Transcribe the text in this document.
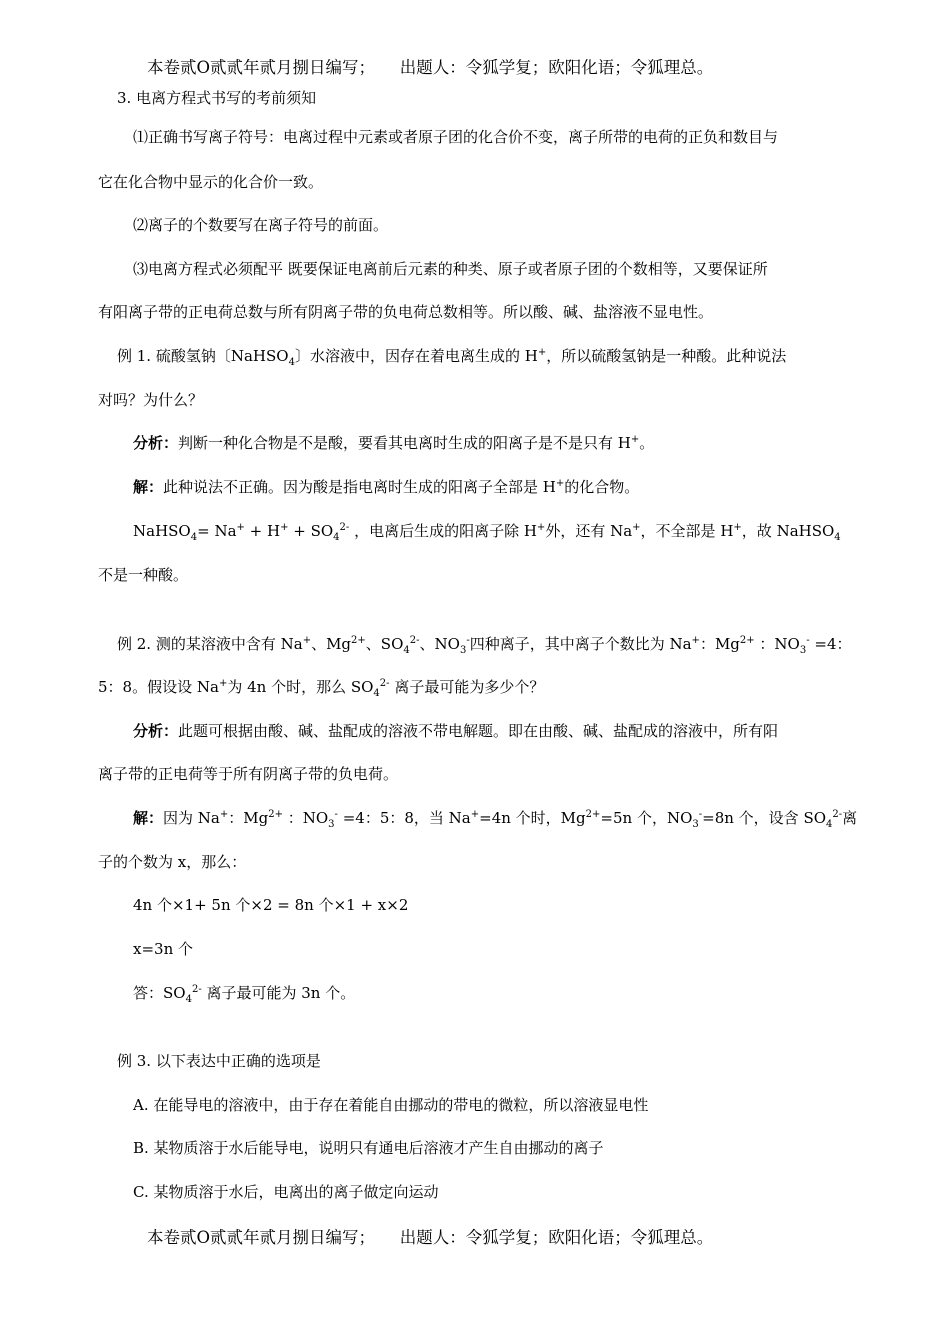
本卷贰O贰贰年贰月捌日编写；　　出题人：令狐学复；欧阳化语；令狐理总。
3. 电离方程式书写的考前须知
⑴正确书写离子符号：电离过程中元素或者原子团的化合价不变，离子所带的电荷的正负和数目与
它在化合物中显示的化合价一致。
⑵离子的个数要写在离子符号的前面。
⑶电离方程式必须配平 既要保证电离前后元素的种类、原子或者原子团的个数相等，又要保证所
有阳离子带的正电荷总数与所有阴离子带的负电荷总数相等。所以酸、碱、盐溶液不显电性。
例 1. 硫酸氢钠〔NaHSO$_4$〕水溶液中，因存在着电离生成的 H+，所以硫酸氢钠是一种酸。此种说法
对吗？为什么？
分析：判断一种化合物是不是酸，要看其电离时生成的阳离子是不是只有 H+。
解：此种说法不正确。因为酸是指电离时生成的阳离子全部是 H+的化合物。
NaHSO$_4$= $Na^+ + H^+ + SO_4^{2-}$ ，电离后生成的阳离子除 H+外，还有 Na+，不全部是 H+，故 NaHSO$_4$
不是一种酸。
例 2. 测的某溶液中含有 Na+、$Mg^{2+}$、$SO_4^{2-}$、$NO_3^-$四种离子，其中离子个数比为 Na+：$Mg^{2+}$ ：$NO_3^- =4$：
5：8。假设设 Na+为 4n 个时，那么 $SO_4^{2-}$ 离子最可能为多少个？
分析：此题可根据由酸、碱、盐配成的溶液不带电解题。即在由酸、碱、盐配成的溶液中，所有阳
离子带的正电荷等于所有阴离子带的负电荷。
解：因为 Na+：$Mg^{2+}$ ：$NO_3^- =4$：5：8，当 Na+=4n 个时，$Mg^{2+}=5n$ 个，$NO_3^-=8n$ 个，设含 $SO_4^{2-}$离
子的个数为 x，那么：
4n 个×1+ 5n 个×2 = 8n 个×1 + x×2
x=3n 个
答：$SO_4^{2-}$ 离子最可能为 3n 个。
例 3. 以下表达中正确的选项是
A. 在能导电的溶液中，由于存在着能自由挪动的带电的微粒，所以溶液显电性
B. 某物质溶于水后能导电，说明只有通电后溶液才产生自由挪动的离子
C. 某物质溶于水后，电离出的离子做定向运动
本卷贰O贰贰年贰月捌日编写；　　出题人：令狐学复；欧阳化语；令狐理总。
